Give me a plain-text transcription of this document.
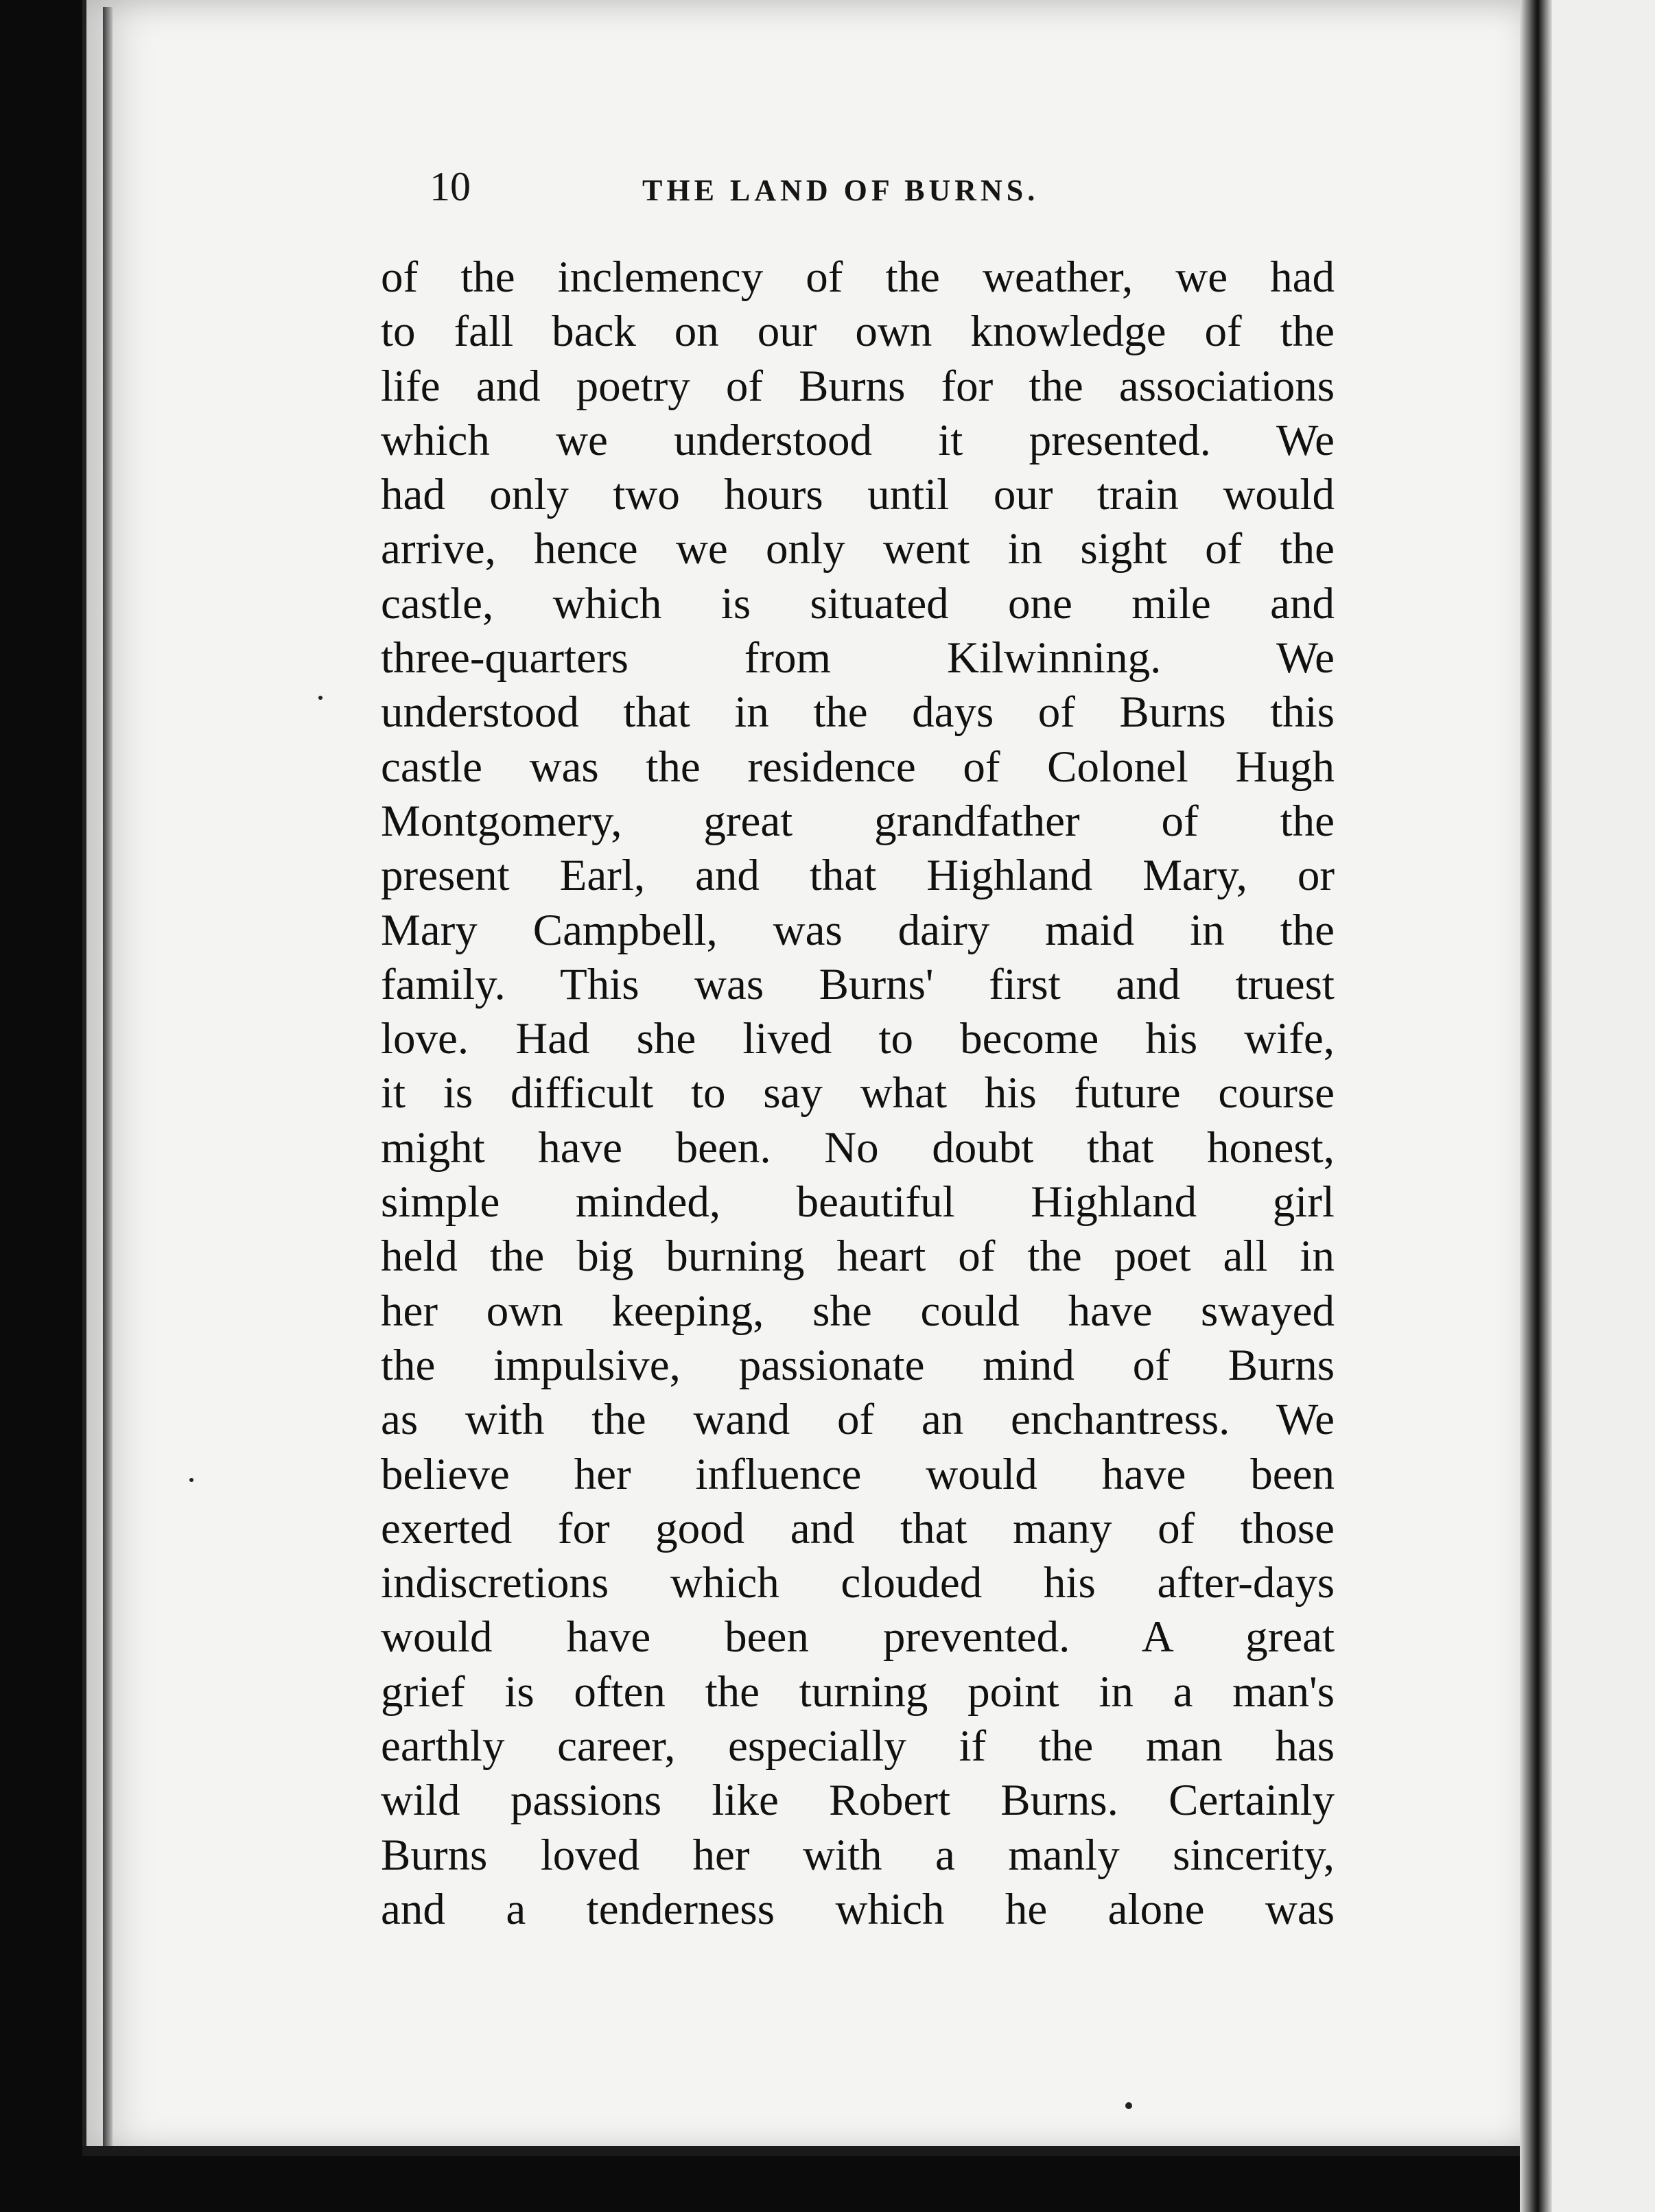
10	THE LAND OF BURNS.
of the inclemency of the weather, we had
to fall back on our own knowledge of the
life and poetry of Burns for the associations
which we understood it presented. We
had only two hours until our train would
arrive, hence we only went in sight of the
castle, which is situated one mile and
three-quarters from Kilwinning. We
understood that in the days of Burns this
castle was the residence of Colonel Hugh
Montgomery, great grandfather of the
present Earl, and that Highland Mary, or
Mary Campbell, was dairy maid in the
family. This was Burns' first and truest
love. Had she lived to become his wife,
it is difficult to say what his future course
might have been. No doubt that honest,
simple minded, beautiful Highland girl
held the big burning heart of the poet all in
her own keeping, she could have swayed
the impulsive, passionate mind of Burns
as with the wand of an enchantress. We
believe her influence would have been
exerted for good and that many of those
indiscretions which clouded his after-days
would have been prevented. A great
grief is often the turning point in a man's
earthly career, especially if the man has
wild passions like Robert Burns. Certainly
Burns loved her with a manly sincerity,
and a tenderness which he alone was
